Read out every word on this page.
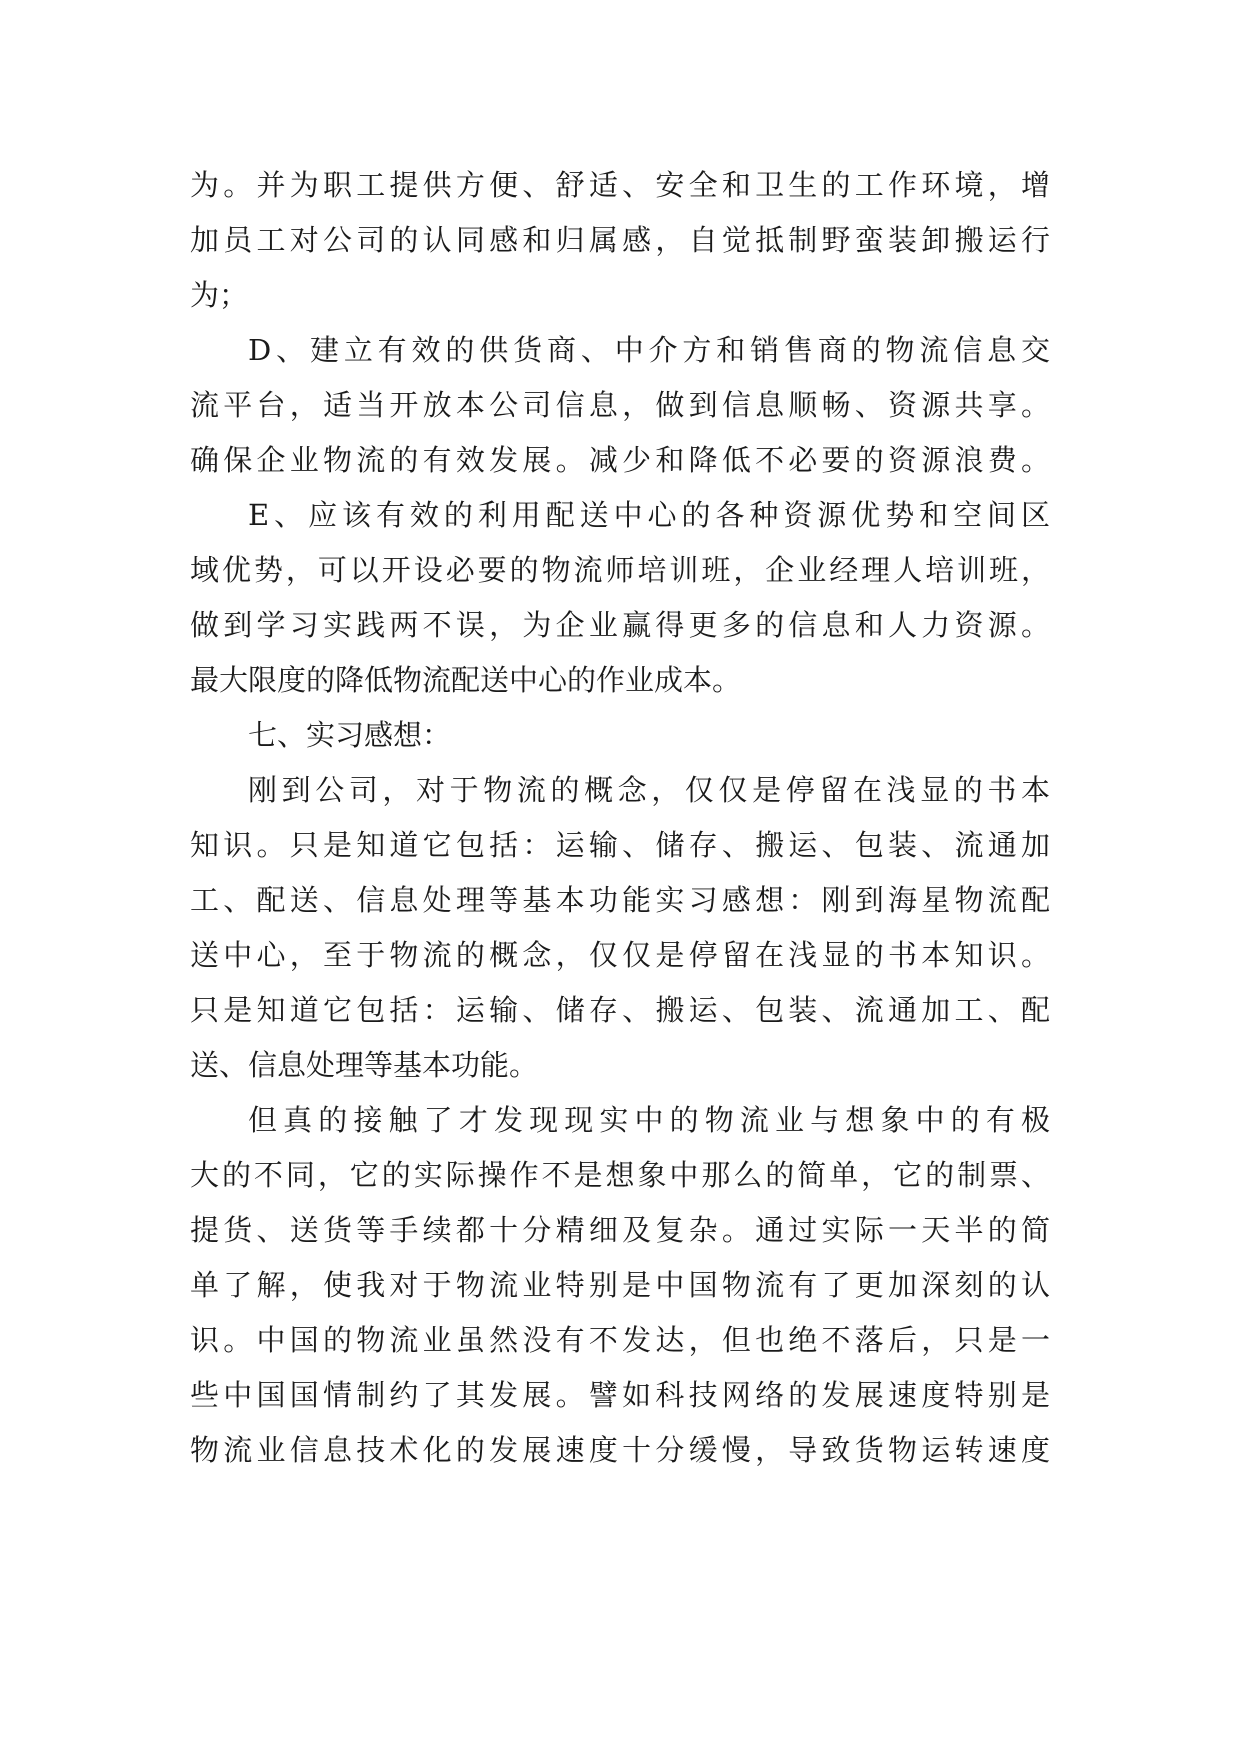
为。并为职工提供方便、舒适、安全和卫生的工作环境，增
加员工对公司的认同感和归属感，自觉抵制野蛮装卸搬运行
为；
D、建立有效的供货商、中介方和销售商的物流信息交
流平台，适当开放本公司信息，做到信息顺畅、资源共享。
确保企业物流的有效发展。减少和降低不必要的资源浪费。
E、应该有效的利用配送中心的各种资源优势和空间区
域优势，可以开设必要的物流师培训班，企业经理人培训班，
做到学习实践两不误，为企业赢得更多的信息和人力资源。
最大限度的降低物流配送中心的作业成本。
七、实习感想：
刚到公司，对于物流的概念，仅仅是停留在浅显的书本
知识。只是知道它包括：运输、储存、搬运、包装、流通加
工、配送、信息处理等基本功能实习感想：刚到海星物流配
送中心，至于物流的概念，仅仅是停留在浅显的书本知识。
只是知道它包括：运输、储存、搬运、包装、流通加工、配
送、信息处理等基本功能。
但真的接触了才发现现实中的物流业与想象中的有极
大的不同，它的实际操作不是想象中那么的简单，它的制票、
提货、送货等手续都十分精细及复杂。通过实际一天半的简
单了解，使我对于物流业特别是中国物流有了更加深刻的认
识。中国的物流业虽然没有不发达，但也绝不落后，只是一
些中国国情制约了其发展。譬如科技网络的发展速度特别是
物流业信息技术化的发展速度十分缓慢，导致货物运转速度
